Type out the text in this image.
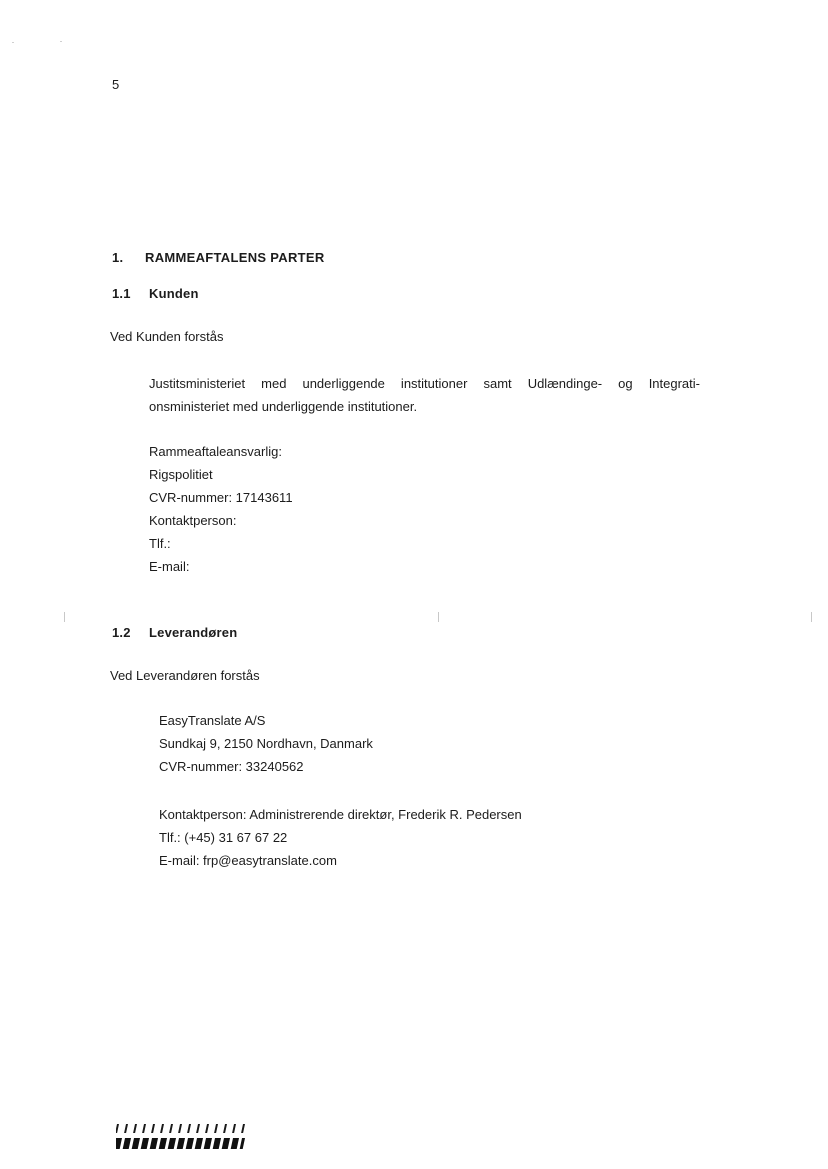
5
1. RAMMEAFTALENS PARTER
1.1 Kunden
Ved Kunden forstås
Justitsministeriet med underliggende institutioner samt Udlændinge- og Integrati-
onsministeriet med underliggende institutioner.
Rammeaftaleansvarlig:
Rigspolitiet
CVR-nummer: 17143611
Kontaktperson:
Tlf.:
E-mail:
1.2 Leverandøren
Ved Leverandøren forstås
EasyTranslate A/S
Sundkaj 9, 2150 Nordhavn, Danmark
CVR-nummer: 33240562
Kontaktperson: Administrerende direktør, Frederik R. Pedersen
Tlf.: (+45) 31 67 67 22
E-mail: frp@easytranslate.com
